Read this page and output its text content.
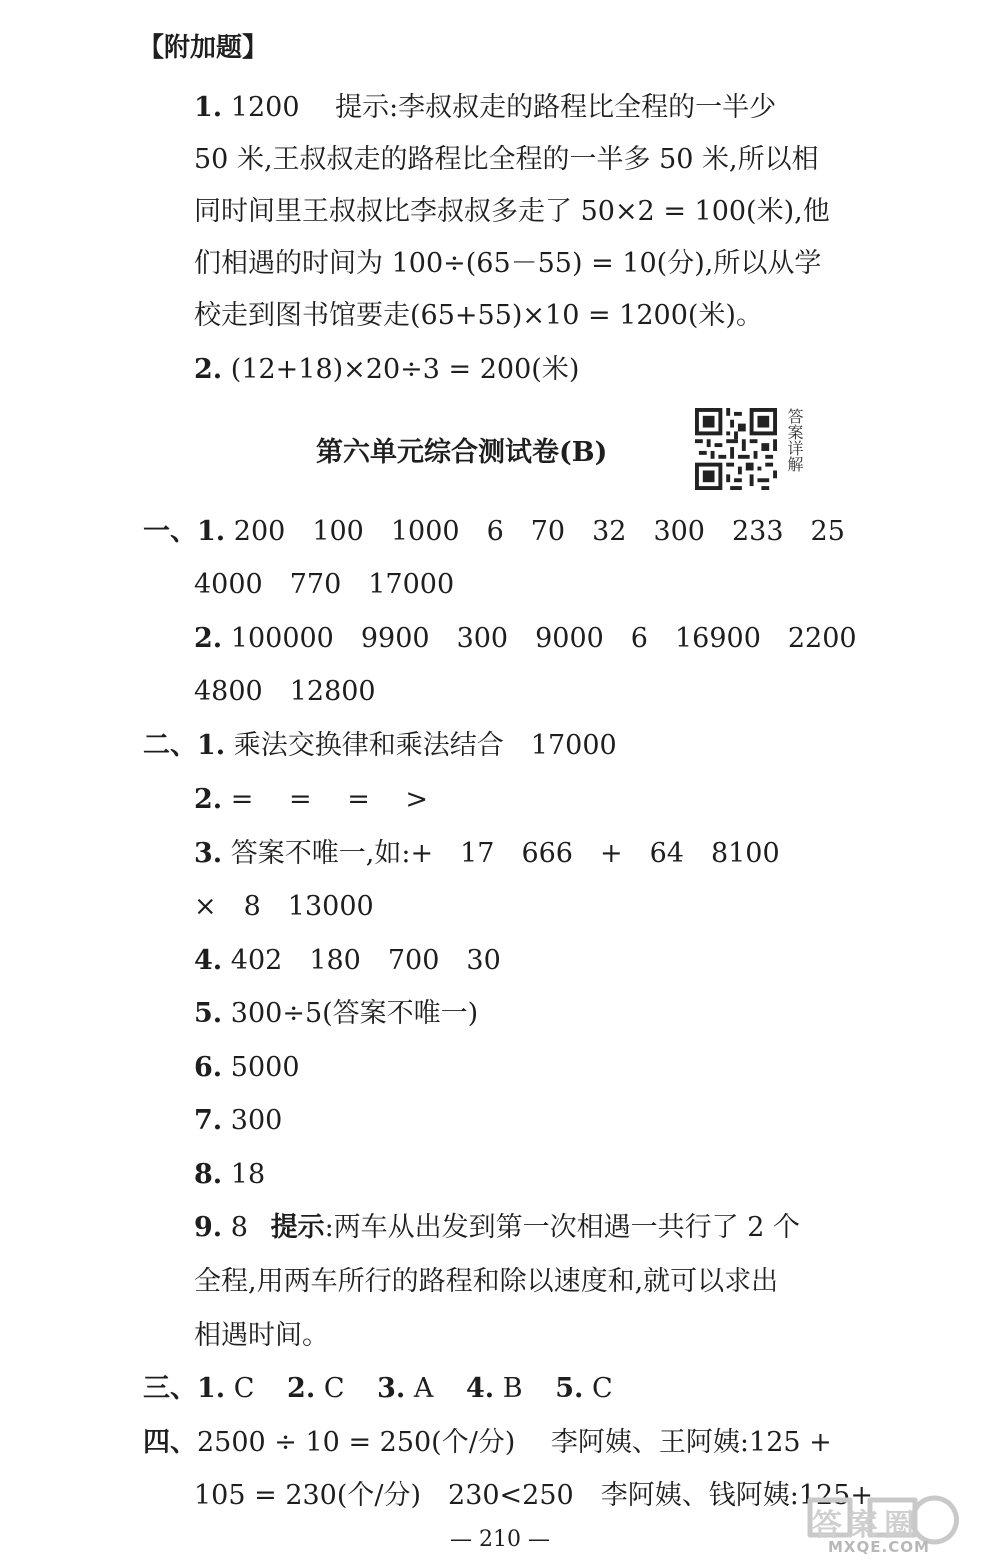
【附加题】
1. 1200　 提示:李叔叔走的路程比全程的一半少
50 米,王叔叔走的路程比全程的一半多 50 米,所以相
同时间里王叔叔比李叔叔多走了 50×2 = 100(米),他
们相遇的时间为 100÷(65－55) = 10(分),所以从学
校走到图书馆要走(65+55)×10 = 1200(米)。
2. (12+18)×20÷3 = 200(米)
第六单元综合测试卷(B)	答案详解
一、1. 200　100　1000　6　70　32　300　233　25
4000　770　17000
2. 100000　9900　300　9000　6　16900　2200
4800　12800
二、1. 乘法交换律和乘法结合　17000
2. =　 =　 =　 >
3. 答案不唯一,如:+　17　666　+　64　8100
×　8　13000
4. 402　180　700　30
5. 300÷5(答案不唯一)
6. 5000
7. 300
8. 18
9. 8 提示:两车从出发到第一次相遇一共行了 2 个
全程,用两车所行的路程和除以速度和,就可以求出
相遇时间。
三、1. C 2. C 3. A 4. B 5. C
四、2500 ÷ 10 = 250(个/分)　 李阿姨、王阿姨:125 +
105 = 230(个/分)　230<250　李阿姨、钱阿姨:125+
答案圈
MXQE.COM
— 210 —
